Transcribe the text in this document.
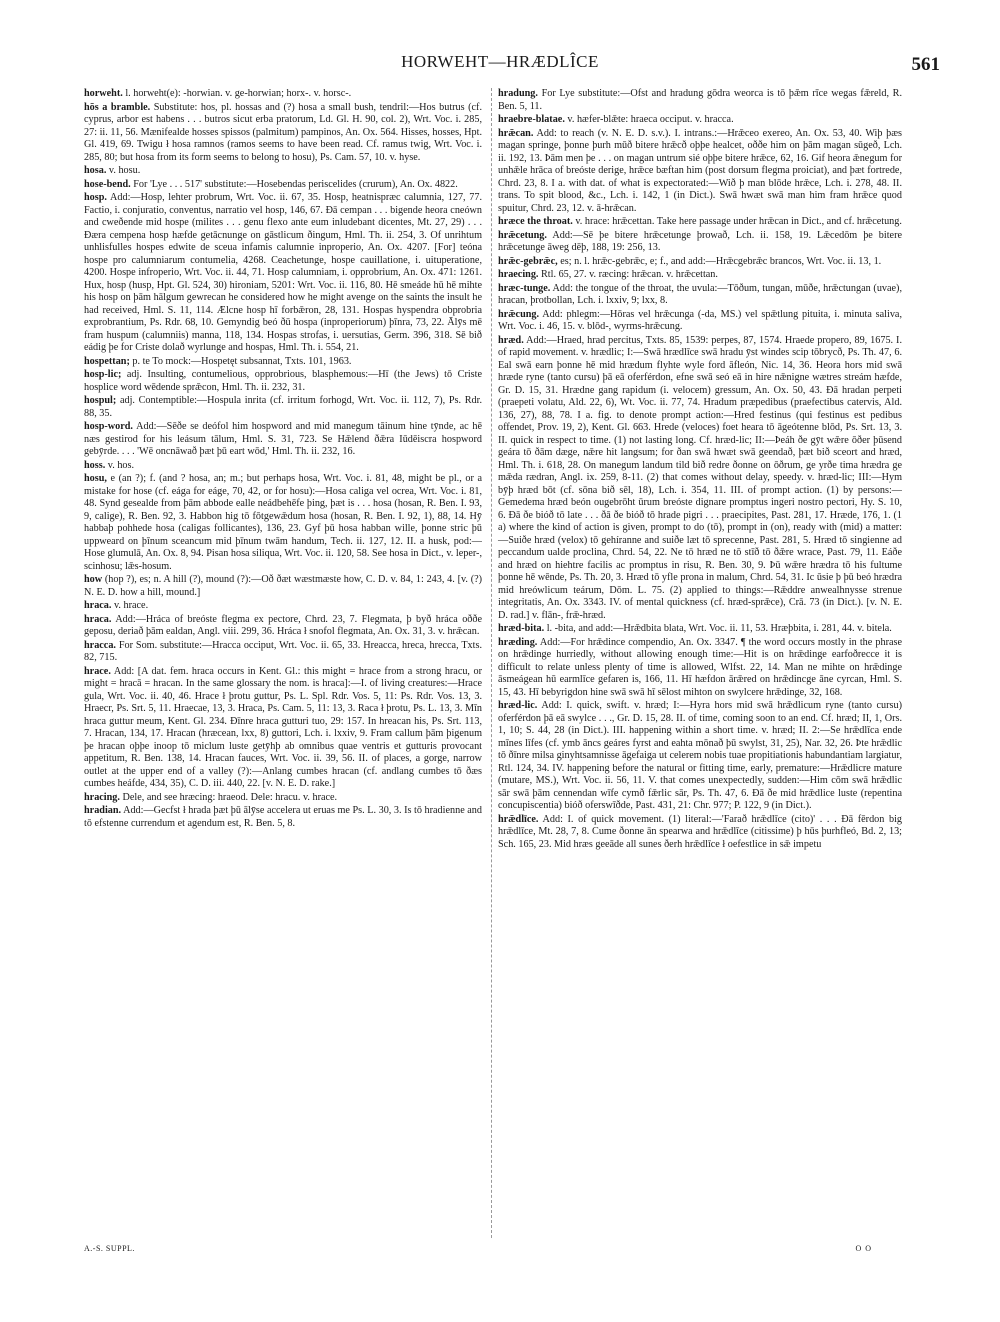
HORWEHT—HRÆDLÎCE	561

horweht. l. horweht(e): -horwian. v. ge-horwian; horx-. v. horsc-.

hōs a bramble. Substitute: hos, pl. hossas and (?) hosa a small bush, tendril:—Hos butrus (cf. cyprus, arbor est habens . . . butros sicut erba pratorum, Ld. Gl. H. 90, col. 2), Wrt. Voc. i. 285, 27: ii. 11, 56. Mænifealde hosses spissos (palmitum) pampinos, An. Ox. 564. Hisses, hosses, Hpt. Gl. 419, 69. Twigu ł hosa ramnos (ramos seems to have been read. Cf. ramus twig, Wrt. Voc. i. 285, 80; but hosa from its form seems to belong to hosu), Ps. Cam. 57, 10. v. hyse.

hosa. v. hosu.

hose-bend. For 'Lye . . . 517' substitute:—Hosebendas periscelides (crurum), An. Ox. 4822.

hosp. Add:—Hosp, lehter probrum, Wrt. Voc. ii. 67, 35. Hosp, heatnispræc calumnia, 127, 77. Factio, i. conjuratio, conventus, narratio vel hosp, 146, 67. Ðā cempan . . . bigende heora cneówn and cweðende mid hospe (milites . . . genu flexo ante eum inludebant dicentes, Mt. 27, 29) . . . Ðæra cempena hosp hæfde getācnunge on gāstlicum ðingum, Hml. Th. ii. 254, 3. Of unrihtum unhlisfulles hospes edwite de sceua infamis calumnie inproperio, An. Ox. 4207. [For] teóna hospe pro calumniarum contumelia, 4268. Ceachetunge, hospe cauillatione, i. uituperatione, 4200. Hospe infroperio, Wrt. Voc. ii. 44, 71. Hosp calumniam, i. opprobrium, An. Ox. 471: 1261. Hux, hosp (husp, Hpt. Gl. 524, 30) hironiam, 5201: Wrt. Voc. ii. 116, 80. Hē smeáde hū hē mihte his hosp on þām hālgum gewrecan he considered how he might avenge on the saints the insult he had received, Hml. S. 11, 114. Ælcne hosp hī forbǣron, 28, 131. Hospas hyspendra obprobria exprobrantium, Ps. Rdr. 68, 10. Gemyndig beó ðū hospa (inproperiorum) þīnra, 73, 22. Ālȳs mē fram huspum (calumniis) manna, 118, 134. Hospas strofas, i. uersutias, Germ. 396, 318. Sē bið eádig þe for Criste dolað wyrlunge and hospas, Hml. Th. i. 554, 21.

hospettan; p. te To mock:—Hospetęt subsannat, Txts. 101, 1963.

hosp-lic; adj. Insulting, contumelious, opprobrious, blasphemous:—Hī (the Jews) tō Criste hosplice word wēdende sprǣcon, Hml. Th. ii. 232, 31.

hospul; adj. Contemptible:—Hospula inrita (cf. irritum forhogd, Wrt. Voc. ii. 112, 7), Ps. Rdr. 88, 35.

hosp-word. Add:—Sēðe se deófol him hospword and mid manegum tāinum hine tȳnde, ac hē næs gestirod for his leásum tālum, Hml. S. 31, 723. Se Hǣlend ðǣra Iūdēiscra hospword gebȳrde. . . . 'Wē oncnāwað þæt þū eart wōd,' Hml. Th. ii. 232, 16.

hoss. v. hos.

hosu, e (an ?); f. (and ? hosa, an; m.; but perhaps hosa, Wrt. Voc. i. 81, 48, might be pl., or a mistake for hose (cf. eága for eáge, 70, 42, or for hosu):—Hosa caliga vel ocrea, Wrt. Voc. i. 81, 48. Synd gesealde from þām abbode ealle neádbehēfe þing, þæt is . . . hosa (hosan, R. Ben. I. 93, 9, calige), R. Ben. 92, 3. Habbon hig tō fōtgewǣdum hosa (hosan, R. Ben. I. 92, 1), 88, 14. Hȳ habbaþ pohhede hosa (caligas follicantes), 136, 23. Gyf þū hosa habban wille, þonne stric þū uppweard on þīnum sceancum mid þīnum twām handum, Tech. ii. 127, 12. II. a husk, pod:—Hose glumulā, An. Ox. 8, 94. Pisan hosa siliqua, Wrt. Voc. ii. 120, 58. See hosa in Dict., v. leper-, scinhosu; lǣs-hosum.

how (hop ?), es; n. A hill (?), mound (?):—Oð ðæt wæstmæste how, C. D. v. 84, 1: 243, 4. [v. (?) N. E. D. how a hill, mound.]

hraca. v. hrace.

hraca. Add:—Hráca of breóste flegma ex pectore, Chrd. 23, 7. Flegmata, þ byð hráca oððe geposu, deriað þām ealdan, Angl. viii. 299, 36. Hráca ł snofol flegmata, An. Ox. 31, 3. v. hrǣcan.

hracca. For Som. substitute:—Hracca occiput, Wrt. Voc. ii. 65, 33. Hreacca, hreca, hrecca, Txts. 82, 715.

hrace. Add: [A dat. fem. hraca occurs in Kent. Gl.: this might = hrace from a strong hracu, or might = hracā = hracan. In the same glossary the nom. is hraca]:—I. of living creatures:—Hrace gula, Wrt. Voc. ii. 40, 46. Hrace ł þrotu guttur, Ps. L. Spl. Rdr. Vos. 5, 11: Ps. Rdr. Vos. 13, 3. Hraecr, Ps. Srt. 5, 11. Hraecae, 13, 3. Hraca, Ps. Cam. 5, 11: 13, 3. Raca ł þrotu, Ps. L. 13, 3. Mīn hraca guttur meum, Kent. Gl. 234. Ðīnre hraca gutturi tuo, 29: 157. In hreacan his, Ps. Srt. 113, 7. Hracan, 134, 17. Hracan (hræcean, lxx, 8) guttori, Lch. i. lxxiv, 9. Fram callum þām þigenum þe hracan oþþe inoop tō miclum luste getȳhþ ab omnibus quae ventris et gutturis provocant appetitum, R. Ben. 138, 14. Hracan fauces, Wrt. Voc. ii. 39, 56. II. of places, a gorge, narrow outlet at the upper end of a valley (?):—Anlang cumbes hracan (cf. andlang cumbes tō ðæs cumbes heáfde, 434, 35), C. D. iii. 440, 22. [v. N. E. D. rake.]

hracing. Dele, and see hræcing: hraeod. Dele: hracu. v. hrace.

hradian. Add:—Gecfst ł hrada þæt þū ālȳse accelera ut eruas me Ps. L. 30, 3. Is tō hradienne and tō efstenne currendum et agendum est, R. Ben. 5, 8.

hradung. For Lye substitute:—Ofst and hradung gōdra weorca is tō þǣm rīce wegas fǣreld, R. Ben. 5, 11.

hraebre-blatae. v. hæfer-blǣte: hraeca occiput. v. hracca.

hrǣcan. Add: to reach (v. N. E. D. s.v.). I. intrans.:—Hrǣceo exereo, An. Ox. 53, 40. Wiþ þæs magan springe, þonne þurh mūð bitere hrǣcð oþþe healcet, oððe him on þām magan sūgeð, Lch. ii. 192, 13. Þām men þe . . . on magan untrum sié oþþe bitere hrǣce, 62, 16. Gif heora ǣnegum for unhǣle hrāca of breóste derige, hrǣce bæftan him (post dorsum flegma proiciat), and þæt fortrede, Chrd. 23, 8. I a. with dat. of what is expectorated:—Wið þ man blōde hrǣce, Lch. i. 278, 48. II. trans. To spit blood, &c., Lch. i. 142, 1 (in Dict.). Swā hwæt swā man him fram hrǣce quod spuitur, Chrd. 23, 12. v. ā-hrǣcan.

hræce the throat. v. hrace: hrǣcettan. Take here passage under hrǣcan in Dict., and cf. hrǣcetung.

hrǣcetung. Add:—Sē þe bitere hrǣcetunge þrowað, Lch. ii. 158, 19. Lǣcedōm þe bitere hrǣcetunge āweg dēþ, 188, 19: 256, 13.

hrǣc-gebrǣc, es; n. l. hrǣc-gebrǣc, e; f., and add:—Hrǣcgebrǣc brancos, Wrt. Voc. ii. 13, 1.

hraecing. Rtl. 65, 27. v. ræcing: hrǣcan. v. hrǣcettan.

hræc-tunge. Add: the tongue of the throat, the uvula:—Tōðum, tungan, mūðe, hrǣctungan (uvae), hracan, þrotbollan, Lch. i. lxxiv, 9; lxx, 8.

hrǣcung. Add: phlegm:—Hōras vel hrǣcunga (-da, MS.) vel spǣtlung pituita, i. minuta saliva, Wrt. Voc. i. 46, 15. v. blōd-, wyrms-hrǣcung.

hræd. Add:—Hraed, hrad percitus, Txts. 85, 1539: perpes, 87, 1574. Hraede propero, 89, 1675. I. of rapid movement. v. hrædlic; I:—Swā hrædlīce swā hradu ȳst windes scip tōbrycð, Ps. Th. 47, 6. Eal swā earn þonne hē mid hrædum flyhte wyle ford āfleón, Nic. 14, 36. Heora hors mid swā hræde ryne (tanto cursu) þā eā oferférdon, efne swā seó eā in hire nǣnigne wætres streám hæfde, Gr. D. 15, 31. Hrædne gang rapidum (i. velocem) gressum, An. Ox. 50, 43. Ðā hradan perpeti (praepeti volatu, Ald. 22, 6), Wt. Voc. ii. 77, 74. Hradum præpedibus (praefectibus catervis, Ald. 136, 27), 88, 78. I a. fig. to denote prompt action:—Hred festinus (qui festinus est pedibus offendet, Prov. 19, 2), Kent. Gl. 663. Hrede (veloces) foet heara tō āgeótenne blōd, Ps. Srt. 13, 3. II. quick in respect to time. (1) not lasting long. Cf. hræd-lic; II:—Þeáh ðe gȳt wǣre ōðer þūsend geára tō ðām dæge, nǣre hit langsum; for ðan swā hwæt swā geendað, þæt bið sceort and hræd, Hml. Th. i. 618, 28. On manegum landum tild bið redre ðonne on ōðrum, ge yrðe tima hrædra ge mǣda rædran, Angl. ix. 259, 8-11. (2) that comes without delay, speedy. v. hræd-lic; III:—Hym bȳþ hræd bōt (cf. sōna bið sēl, 18), Lch. i. 354, 11. III. of prompt action. (1) by persons:—Gemedema hræd beón ougebrōht ūrum breóste dignare promptus ingeri nostro pectori, Hy. S. 10, 6. Ðā ðe bióð tō late . . . ðā ðe bióð tō hrade pigri . . . praecipites, Past. 281, 17. Hræde, 176, 1. (1 a) where the kind of action is given, prompt to do (tō), prompt in (on), ready with (mid) a matter:—Suiðe hræd (velox) tō gehíranne and suiðe læt tō sprecenne, Past. 281, 5. Hræd tō singienne ad peccandum ualde proclina, Chrd. 54, 22. Ne tō hræd ne tō stīð tō ðǣre wrace, Past. 79, 11. Eáðe and hræd on hiehtre facilis ac promptus in risu, R. Ben. 30, 9. Þū wǣre hrædra tō his fultume þonne hē wēnde, Ps. Th. 20, 3. Hræd tō yfle prona in malum, Chrd. 54, 31. Ic ūsie þ þū beó hrædra mid hreówlicum teárum, Dōm. L. 75. (2) applied to things:—Rǣddre anwealhnysse strenue integritatis, An. Ox. 3343. IV. of mental quickness (cf. hræd-sprǣce), Crā. 73 (in Dict.). [v. N. E. D. rad.] v. flān-, frǣ-hræd.

hræd-bita. l. -bita, and add:—Hrǣdbita blata, Wrt. Voc. ii. 11, 53. Hræþbita, i. 281, 44. v. bitela.

hræding. Add:—For hrǣdince compendio, An. Ox. 3347. ¶ the word occurs mostly in the phrase on hrǣdinge hurriedly, without allowing enough time:—Hit is on hrǣdinge earfoðrecce it is difficult to relate unless plenty of time is allowed, Wlfst. 22, 14. Man ne mihte on hrǣdinge āsmeágean hū earmlīce gefaren is, 166, 11. Hī hæfdon ārǣred on hrǣdincge āne cyrcan, Hml. S. 15, 43. Hī bebyrigdon hine swā swā hī sēlost mihton on swylcere hrǣdinge, 32, 168.

hræd-lic. Add: I. quick, swift. v. hræd; I:—Hyra hors mid swā hrǣdlicum ryne (tanto cursu) oferférdon þā eā swylce . . ., Gr. D. 15, 28. II. of time, coming soon to an end. Cf. hræd; II, 1, Ors. 1, 10; S. 44, 28 (in Dict.). III. happening within a short time. v. hræd; II. 2:—Se hrǣdlīca ende mīnes līfes (cf. ymb āncs geáres fyrst and eahta mōnað þū swylst, 31, 25), Nar. 32, 26. Þte hrǣdlic tō ðīnre milsa ginyhtsamnisse āgefaiga ut celerem nobis tuae propitiationis habundantiam largiatur, Rtl. 124, 34. IV. happening before the natural or fitting time, early, premature:—Hrǣdlicre mature (mutare, MS.), Wrt. Voc. ii. 56, 11. V. that comes unexpectedly, sudden:—Him cōm swā hrǣdlic sār swā þām cennendan wīfe cymð fǣrlic sār, Ps. Th. 47, 6. Ðā ðe mid hrǣdlice luste (repentina concupiscentia) bióð oferswīðde, Past. 431, 21: Chr. 977; P. 122, 9 (in Dict.).

hrǣdlīce. Add: I. of quick movement. (1) literal:—'Farað hrǣdlīce (cito)' . . . Ðā fērdon big hrǣdlīce, Mt. 28, 7, 8. Cume ðonne ān spearwa and hrǣdlīce (citissime) þ hūs þurhfleó, Bd. 2, 13; Sch. 165, 23. Mid hræs geeāde all sunes ðerh hrǣdlīce ł oefestlice in sǣ impetu

A.-S. SUPPL.	O O
